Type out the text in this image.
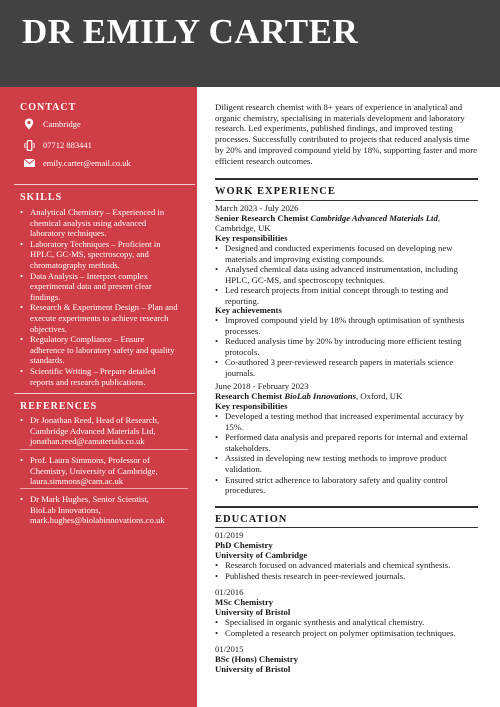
DR EMILY CARTER
CONTACT
Cambridge
07712 883441
emily.carter@email.co.uk
SKILLS
• Analytical Chemistry – Experienced in chemical analysis using advanced laboratory techniques.
• Laboratory Techniques – Proficient in HPLC, GC-MS, spectroscopy, and chromatography methods.
• Data Analysis – Interpret complex experimental data and present clear findings.
• Research & Experiment Design – Plan and execute experiments to achieve research objectives.
• Regulatory Compliance – Ensure adherence to laboratory safety and quality standards.
• Scientific Writing – Prepare detailed reports and research publications.
REFERENCES
• Dr Jonathan Reed, Head of Research,
Cambridge Advanced Materials Ltd,
jonathan.reed@camaterials.co.uk
• Prof. Laura Simmons, Professor of
Chemistry, University of Cambridge,
laura.simmons@cam.ac.uk
• Dr Mark Hughes, Senior Scientist,
BioLab Innovations,
mark.hughes@biolabinnovations.co.uk
Diligent research chemist with 8+ years of experience in analytical and organic chemistry, specialising in materials development and laboratory research. Led experiments, published findings, and improved testing processes. Successfully contributed to projects that reduced analysis time by 20% and improved compound yield by 18%, supporting faster and more efficient research outcomes.
WORK EXPERIENCE
March 2023 - July 2026
Senior Research Chemist Cambridge Advanced Materials Ltd,
Cambridge, UK
Key responsibilities
• Designed and conducted experiments focused on developing new materials and improving existing compounds.
• Analysed chemical data using advanced instrumentation, including HPLC, GC-MS, and spectroscopy techniques.
• Led research projects from initial concept through to testing and reporting.
Key achievements
• Improved compound yield by 18% through optimisation of synthesis processes.
• Reduced analysis time by 20% by introducing more efficient testing protocols.
• Co-authored 3 peer-reviewed research papers in materials science journals.
June 2018 - February 2023
Research Chemist BioLab Innovations, Oxford, UK
Key responsibilities
• Developed a testing method that increased experimental accuracy by 15%.
• Performed data analysis and prepared reports for internal and external stakeholders.
• Assisted in developing new testing methods to improve product validation.
• Ensured strict adherence to laboratory safety and quality control procedures.
EDUCATION
01/2019
PhD Chemistry
University of Cambridge
• Research focused on advanced materials and chemical synthesis.
• Published thesis research in peer-reviewed journals.
01/2016
MSc Chemistry
University of Bristol
• Specialised in organic synthesis and analytical chemistry.
• Completed a research project on polymer optimisation techniques.
01/2015
BSc (Hons) Chemistry
University of Bristol
